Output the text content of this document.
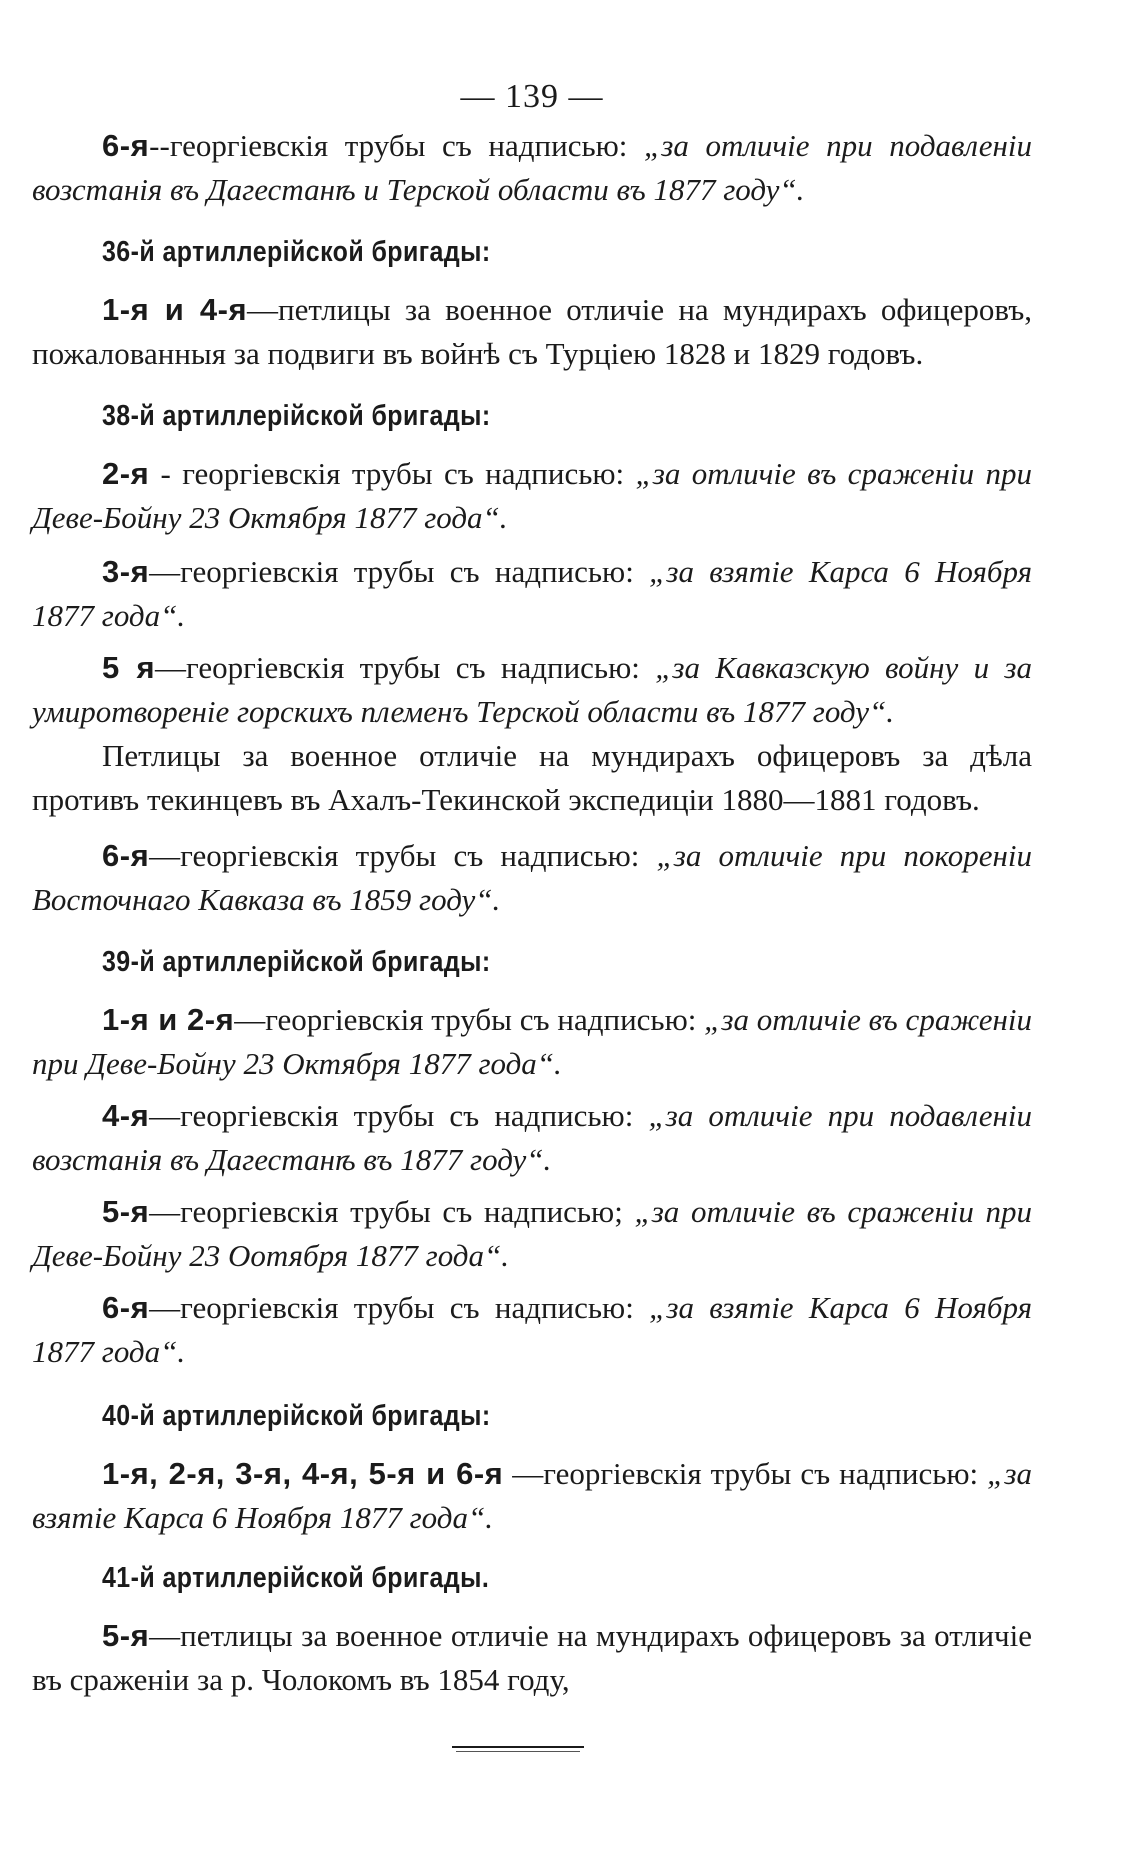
— 139 —

6-я--георгіевскія трубы съ надписью: „за отличіе при подавленіи возстанія въ Дагестанѣ и Терской области въ 1877 году“.

36-й артиллерійской бригады:

1-я и 4-я—петлицы за военное отличіе на мундирахъ офицеровъ, пожалованныя за подвиги въ войнѣ съ Турціею 1828 и 1829 годовъ.

38-й артиллерійской бригады:

2-я - георгіевскія трубы съ надписью: „за отличіе въ сраженіи при Деве-Бойну 23 Октября 1877 года“.

3-я—георгіевскія трубы съ надписью: „за взятіе Карса 6 Ноября 1877 года“.

5 я—георгіевскія трубы съ надписью: „за Кавказскую войну и за умиротвореніе горскихъ племенъ Терской области въ 1877 году“.

Петлицы за военное отличіе на мундирахъ офицеровъ за дѣла противъ текинцевъ въ Ахалъ-Текинской экспедиціи 1880—1881 годовъ.

6-я—георгіевскія трубы съ надписью: „за отличіе при покореніи Восточнаго Кавказа въ 1859 году“.

39-й артиллерійской бригады:

1-я и 2-я—георгіевскія трубы съ надписью: „за отличіе въ сраженіи при Деве-Бойну 23 Октября 1877 года“.

4-я—георгіевскія трубы съ надписью: „за отличіе при подавленіи возстанія въ Дагестанѣ въ 1877 году“.

5-я—георгіевскія трубы съ надписью; „за отличіе въ сраженіи при Деве-Бойну 23 Оотября 1877 года“.

6-я—георгіевскія трубы съ надписью: „за взятіе Карса 6 Ноября 1877 года“.

40-й артиллерійской бригады:

1-я, 2-я, 3-я, 4-я, 5-я и 6-я —георгіевскія трубы съ надписью: „за взятіе Карса 6 Ноября 1877 года“.

41-й артиллерійской бригады.

5-я—петлицы за военное отличіе на мундирахъ офицеровъ за отличіе въ сраженіи за р. Чолокомъ въ 1854 году,
